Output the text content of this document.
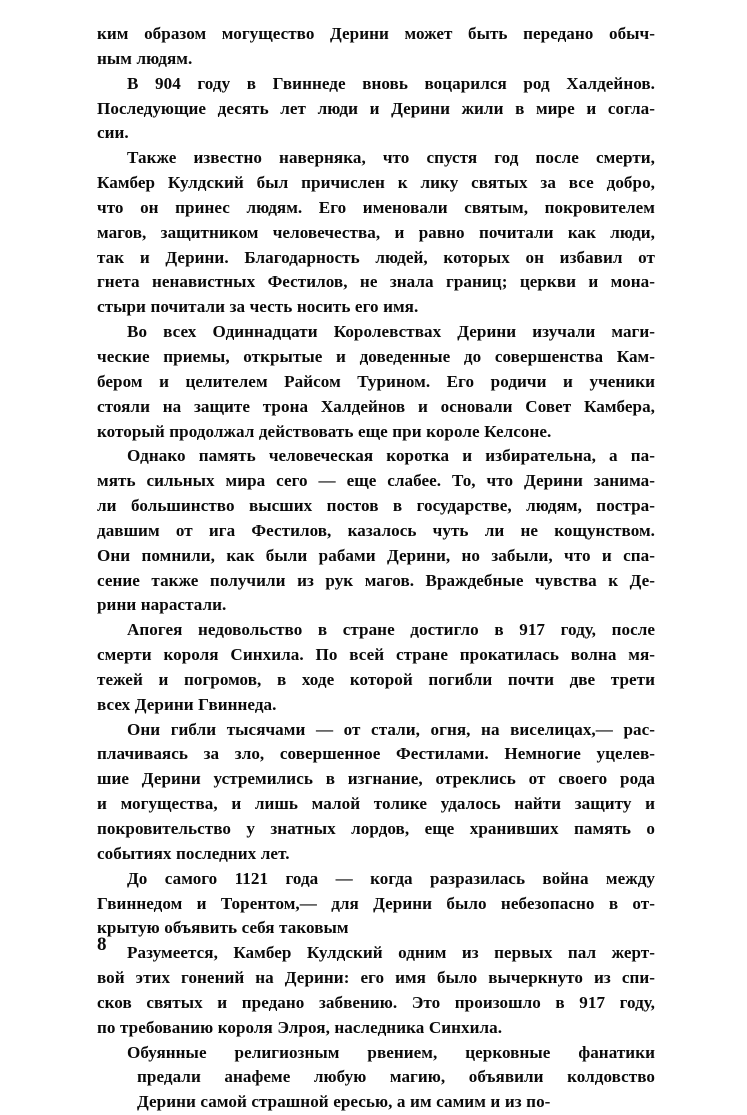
ким образом могущество Дерини может быть передано обыч-
ным людям.

В 904 году в Гвиннеде вновь воцарился род Халдейнов.
Последующие десять лет люди и Дерини жили в мире и согла-
сии.

Также известно наверняка, что спустя год после смерти,
Камбер Кулдский был причислен к лику святых за все добро,
что он принес людям. Его именовали святым, покровителем
магов, защитником человечества, и равно почитали как люди,
так и Дерини. Благодарность людей, которых он избавил от
гнета ненавистных Фестилов, не знала границ; церкви и мона-
стыри почитали за честь носить его имя.

Во всех Одиннадцати Королевствах Дерини изучали маги-
ческие приемы, открытые и доведенные до совершенства Кам-
бером и целителем Райсом Турином. Его родичи и ученики
стояли на защите трона Халдейнов и основали Совет Камбера,
который продолжал действовать еще при короле Келсоне.

Однако память человеческая коротка и избирательна, а па-
мять сильных мира сего — еще слабее. То, что Дерини занима-
ли большинство высших постов в государстве, людям, постра-
давшим от ига Фестилов, казалось чуть ли не кощунством.
Они помнили, как были рабами Дерини, но забыли, что и спа-
сение также получили из рук магов. Враждебные чувства к Де-
рини нарастали.

Апогея недовольство в стране достигло в 917 году, после
смерти короля Синхила. По всей стране прокатилась волна мя-
тежей и погромов, в ходе которой погибли почти две трети
всех Дерини Гвиннеда.

Они гибли тысячами — от стали, огня, на виселицах,— рас-
плачиваясь за зло, совершенное Фестилами. Немногие уцелев-
шие Дерини устремились в изгнание, отреклись от своего рода
и могущества, и лишь малой толике удалось найти защиту и
покровительство у знатных лордов, еще хранивших память о
событиях последних лет.

До самого 1121 года — когда разразилась война между
Гвиннедом и Торентом,— для Дерини было небезопасно в от-
крытую объявить себя таковым

Разумеется, Камбер Кулдский одним из первых пал жерт-
вой этих гонений на Дерини: его имя было вычеркнуто из спи-
сков святых и предано забвению. Это произошло в 917 году,
по требованию короля Элроя, наследника Синхила.

Обуянные религиозным рвением, церковные фанатики
предали анафеме любую магию, объявили колдовство
Дерини самой страшной ересью, а им самим и из по-

8
